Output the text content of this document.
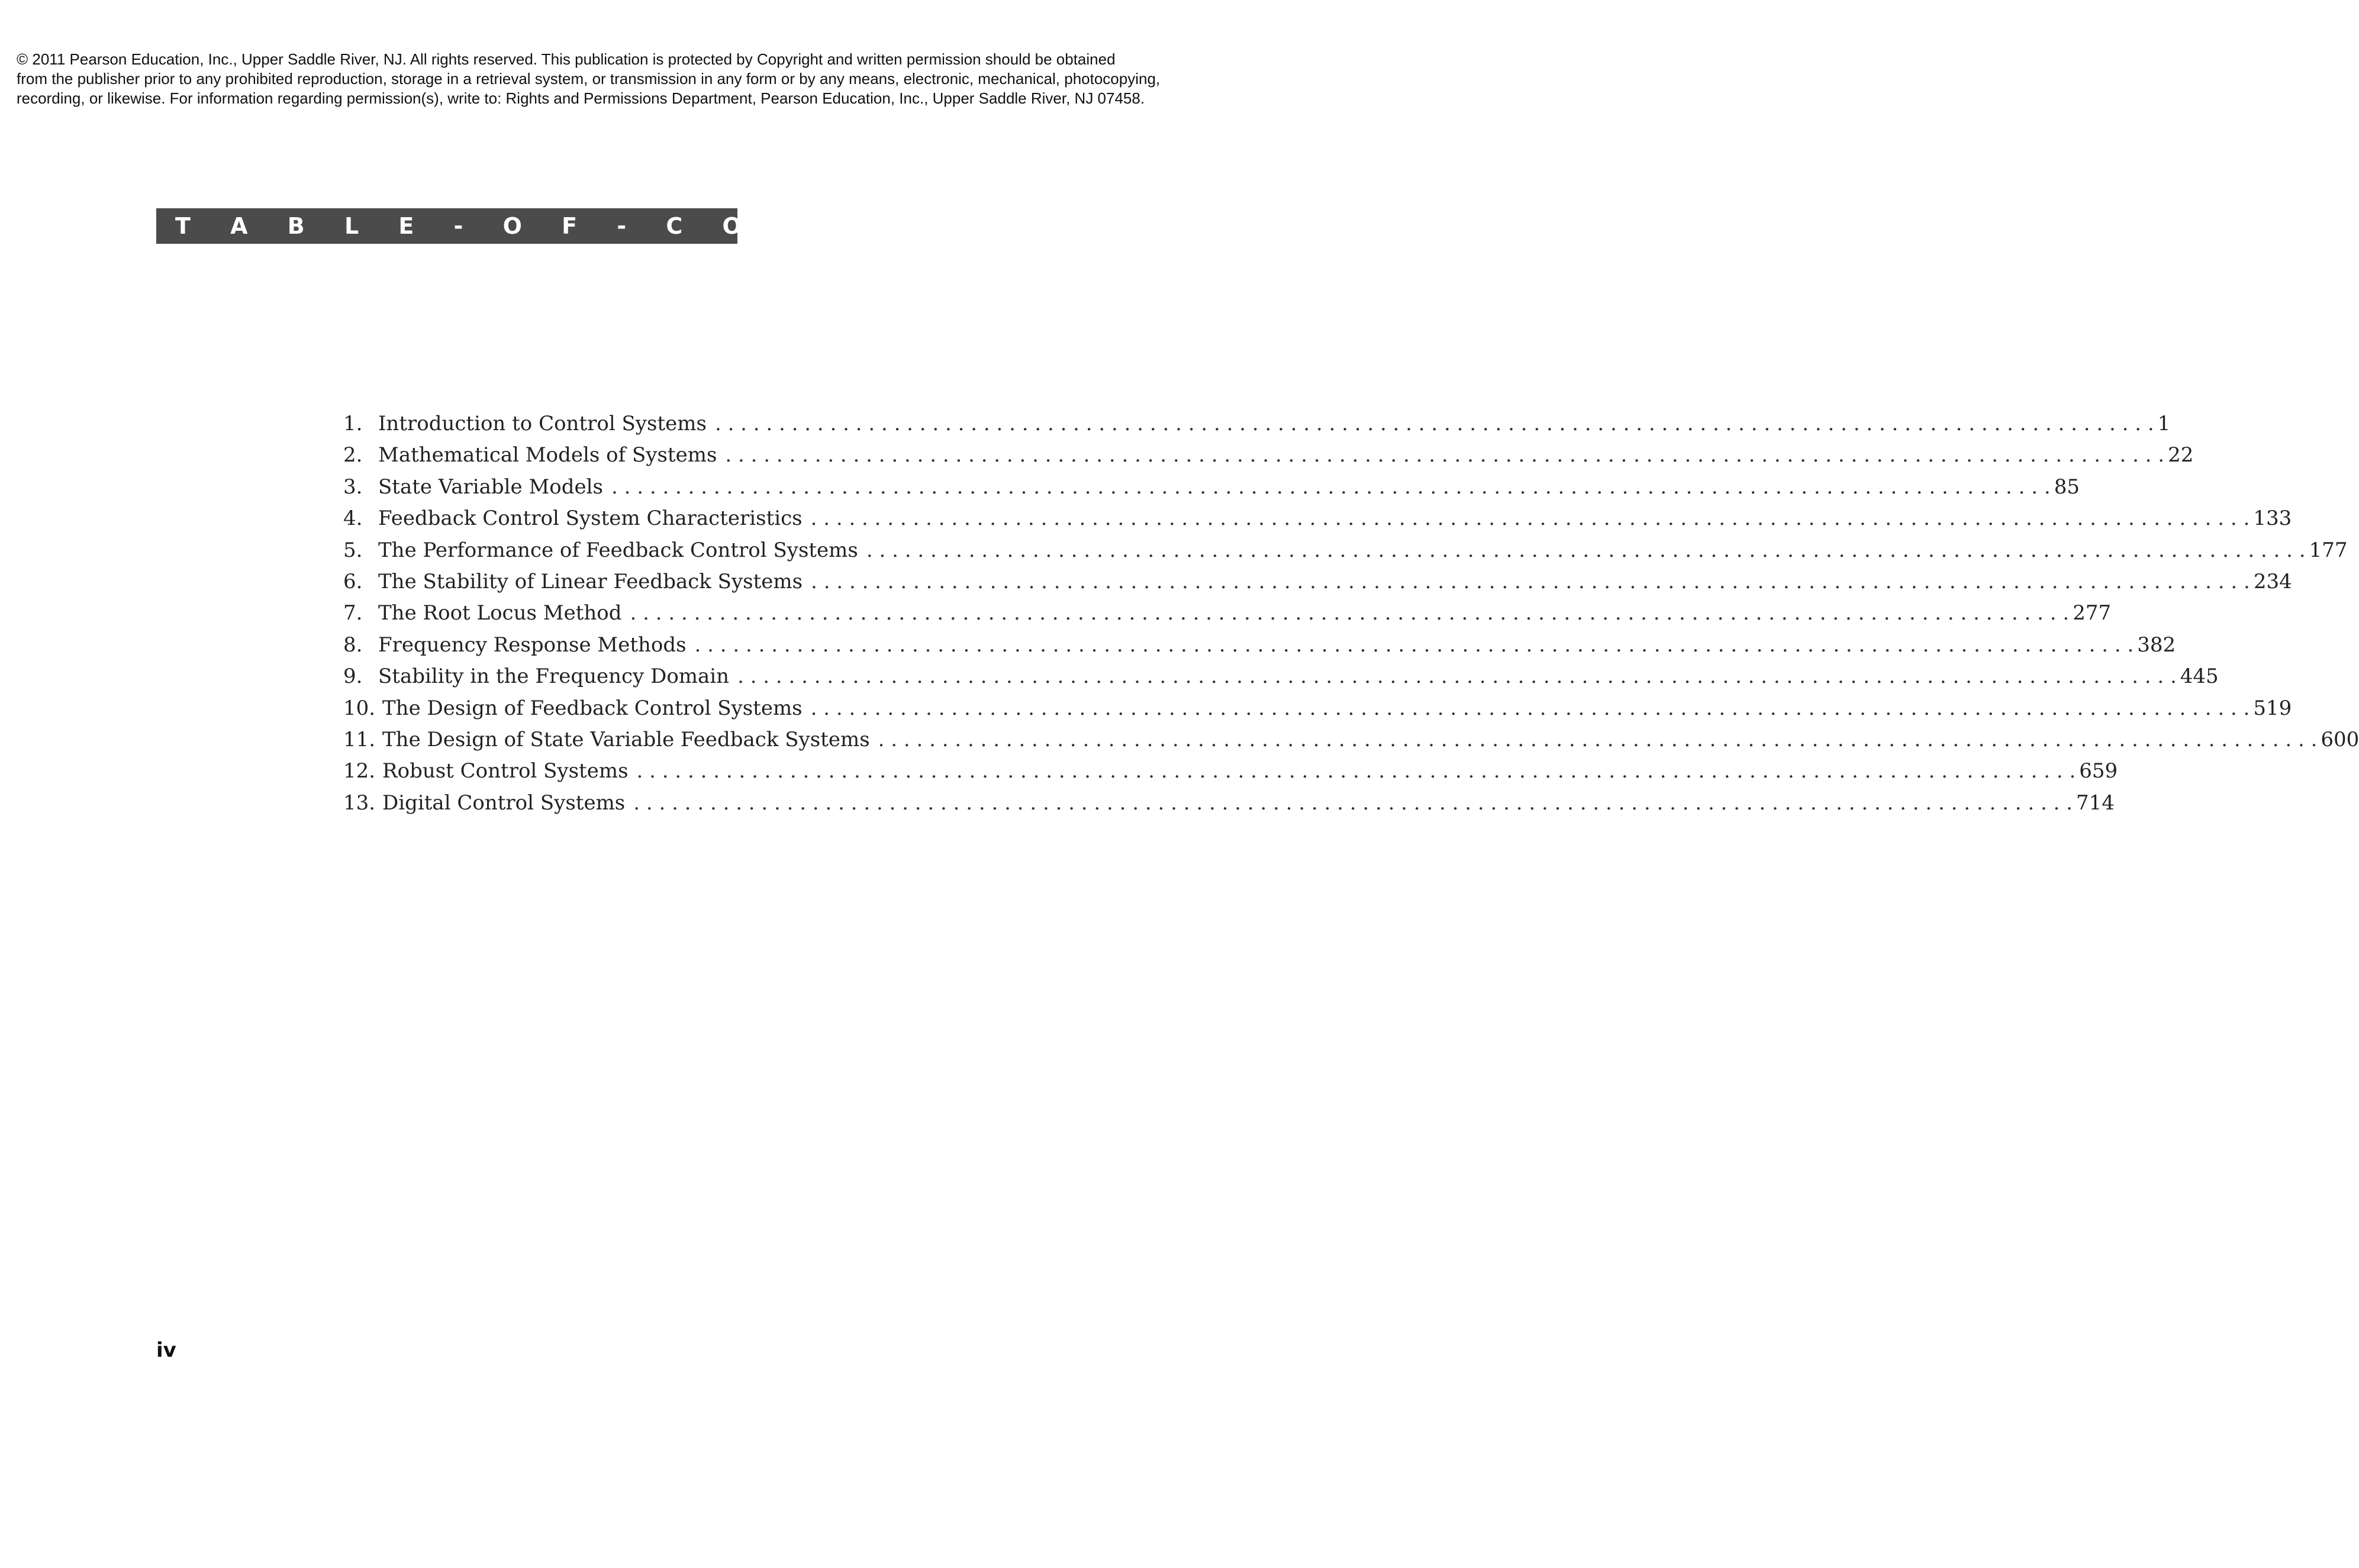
© 2011 Pearson Education, Inc., Upper Saddle River, NJ. All rights reserved. This publication is protected by Copyright and written permission should be obtained
from the publisher prior to any prohibited reproduction, storage in a retrieval system, or transmission in any form or by any means, electronic, mechanical, photocopying,
recording, or likewise. For information regarding permission(s), write to: Rights and Permissions Department, Pearson Education, Inc., Upper Saddle River, NJ 07458.
T A B L E - O F - C O N T E N T S
1. Introduction to Control Systems . . .	1
2. Mathematical Models of Systems . . .	22
3. State Variable Models . . .	85
4. Feedback Control System Characteristics . . .	133
5. The Performance of Feedback Control Systems . . .	177
6. The Stability of Linear Feedback Systems . . .	234
7. The Root Locus Method . . .	277
8. Frequency Response Methods . . .	382
9. Stability in the Frequency Domain . . .	445
10. The Design of Feedback Control Systems . . .	519
11. The Design of State Variable Feedback Systems . . .	600
12. Robust Control Systems . . .	659
13. Digital Control Systems . . .	714
iv
